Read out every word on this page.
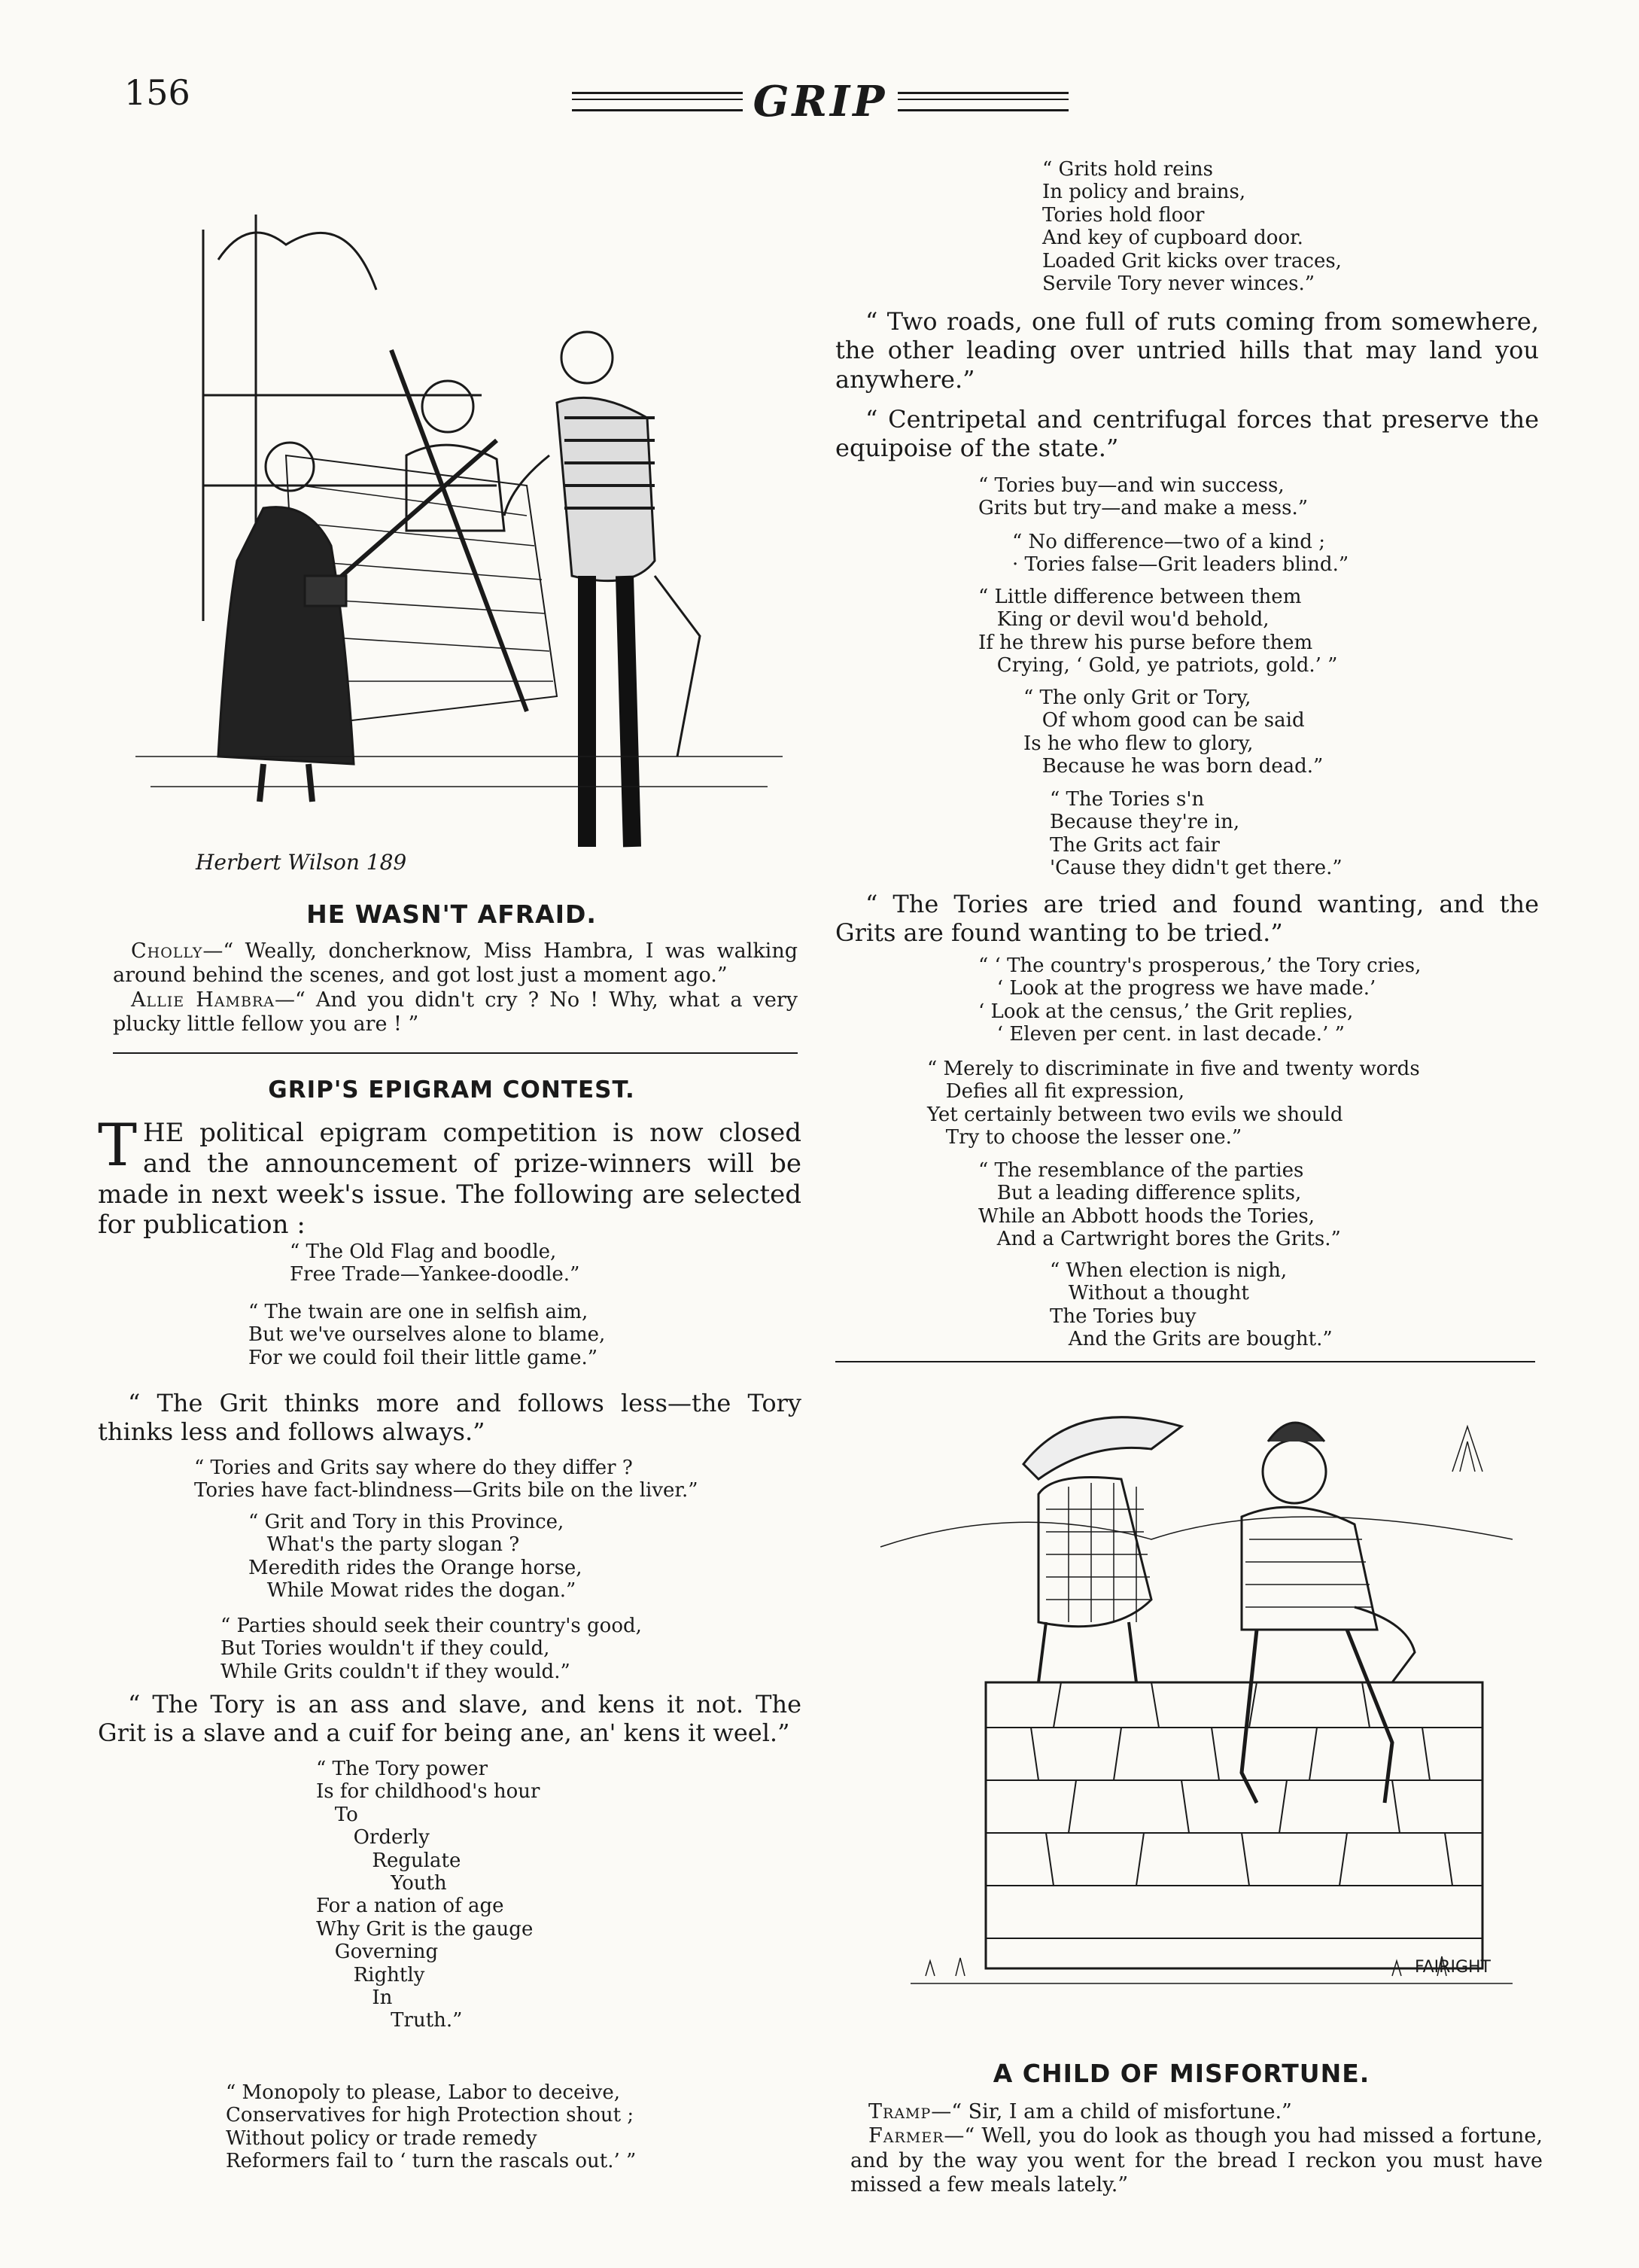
156	GRIP
Herbert Wilson 189
HE WASN'T AFRAID.
Cholly—“ Weally, doncherknow, Miss Hambra, I was walking around behind the scenes, and got lost just a moment ago.”
Allie Hambra—“ And you didn't cry ? No ! Why, what a very plucky little fellow you are ! ”
GRIP'S EPIGRAM CONTEST.
THE political epigram competition is now closed and the announcement of prize-winners will be made in next week's issue. The following are selected for publication :
“ The Old Flag and boodle,
Free Trade—Yankee-doodle.”
“ The twain are one in selfish aim,
But we've ourselves alone to blame,
For we could foil their little game.”
“ The Grit thinks more and follows less—the Tory thinks less and follows always.”
“ Tories and Grits say where do they differ ?
Tories have fact-blindness—Grits bile on the liver.”
“ Grit and Tory in this Province,
What's the party slogan ?
Meredith rides the Orange horse,
While Mowat rides the dogan.”
“ Parties should seek their country's good,
But Tories wouldn't if they could,
While Grits couldn't if they would.”
“ The Tory is an ass and slave, and kens it not. The Grit is a slave and a cuif for being ane, an' kens it weel.”
“ The Tory power
Is for childhood's hour
To
Orderly
Regulate
Youth
For a nation of age
Why Grit is the gauge
Governing
Rightly
In
Truth.”
“ Monopoly to please, Labor to deceive,
Conservatives for high Protection shout ;
Without policy or trade remedy
Reformers fail to ‘ turn the rascals out.’ ”
“ Grits hold reins
In policy and brains,
Tories hold floor
And key of cupboard door.
Loaded Grit kicks over traces,
Servile Tory never winces.”
“ Two roads, one full of ruts coming from somewhere, the other leading over untried hills that may land you anywhere.”
“ Centripetal and centrifugal forces that preserve the equipoise of the state.”
“ Tories buy—and win success,
Grits but try—and make a mess.”
“ No difference—two of a kind ;
· Tories false—Grit leaders blind.”
“ Little difference between them
King or devil wou'd behold,
If he threw his purse before them
Crying, ‘ Gold, ye patriots, gold.’ ”
“ The only Grit or Tory,
Of whom good can be said
Is he who flew to glory,
Because he was born dead.”
“ The Tories s'n
Because they're in,
The Grits act fair
'Cause they didn't get there.”
“ The Tories are tried and found wanting, and the Grits are found wanting to be tried.”
“ ‘ The country's prosperous,’ the Tory cries,
‘ Look at the progress we have made.’
‘ Look at the census,’ the Grit replies,
‘ Eleven per cent. in last decade.’ ”
“ Merely to discriminate in five and twenty words
Defies all fit expression,
Yet certainly between two evils we should
Try to choose the lesser one.”
“ The resemblance of the parties
But a leading difference splits,
While an Abbott hoods the Tories,
And a Cartwright bores the Grits.”
“ When election is nigh,
Without a thought
The Tories buy
And the Grits are bought.”
FAIRIGHT
A CHILD OF MISFORTUNE.
Tramp—“ Sir, I am a child of misfortune.”
Farmer—“ Well, you do look as though you had missed a fortune, and by the way you went for the bread I reckon you must have missed a few meals lately.”
